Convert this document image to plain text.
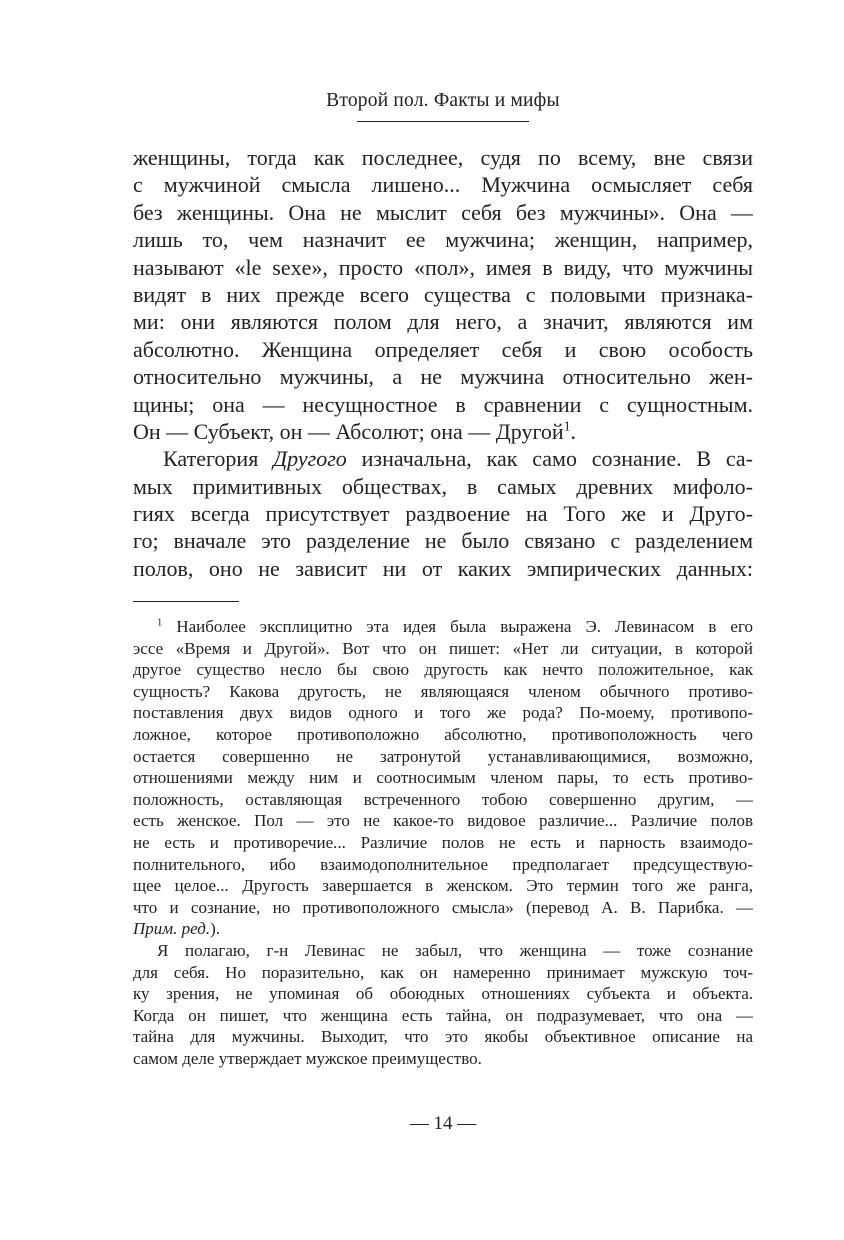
Второй пол. Факты и мифы
женщины, тогда как последнее, судя по всему, вне связи
с мужчиной смысла лишено... Мужчина осмысляет себя
без женщины. Она не мыслит себя без мужчины». Она —
лишь то, чем назначит ее мужчина; женщин, например,
называют «le sexe», просто «пол», имея в виду, что мужчины
видят в них прежде всего существа с половыми признака-
ми: они являются полом для него, а значит, являются им
абсолютно. Женщина определяет себя и свою особость
относительно мужчины, а не мужчина относительно жен-
щины; она — несущностное в сравнении с сущностным.
Он — Субъект, он — Абсолют; она — Другой$^1$.
Категория Другого изначальна, как само сознание. В са-
мых примитивных обществах, в самых древних мифоло-
гиях всегда присутствует раздвоение на Того же и Друго-
го; вначале это разделение не было связано с разделением
полов, оно не зависит ни от каких эмпирических данных:
$^1$ Наиболее эксплицитно эта идея была выражена Э. Левинасом в его
эссе «Время и Другой». Вот что он пишет: «Нет ли ситуации, в которой
другое существо несло бы свою другость как нечто положительное, как
сущность? Какова другость, не являющаяся членом обычного противо-
поставления двух видов одного и того же рода? По-моему, противопо-
ложное, которое противоположно абсолютно, противоположность чего
остается совершенно не затронутой устанавливающимися, возможно,
отношениями между ним и соотносимым членом пары, то есть противо-
положность, оставляющая встреченного тобою совершенно другим, —
есть женское. Пол — это не какое-то видовое различие... Различие полов
не есть и противоречие... Различие полов не есть и парность взаимодо-
полнительного, ибо взаимодополнительное предполагает предсуществую-
щее целое... Другость завершается в женском. Это термин того же ранга,
что и сознание, но противоположного смысла» (перевод А. В. Парибка. —
Прим. ред.).
Я полагаю, г-н Левинас не забыл, что женщина — тоже сознание
для себя. Но поразительно, как он намеренно принимает мужскую точ-
ку зрения, не упоминая об обоюдных отношениях субъекта и объекта.
Когда он пишет, что женщина есть тайна, он подразумевает, что она —
тайна для мужчины. Выходит, что это якобы объективное описание на
самом деле утверждает мужское преимущество.
— 14 —
